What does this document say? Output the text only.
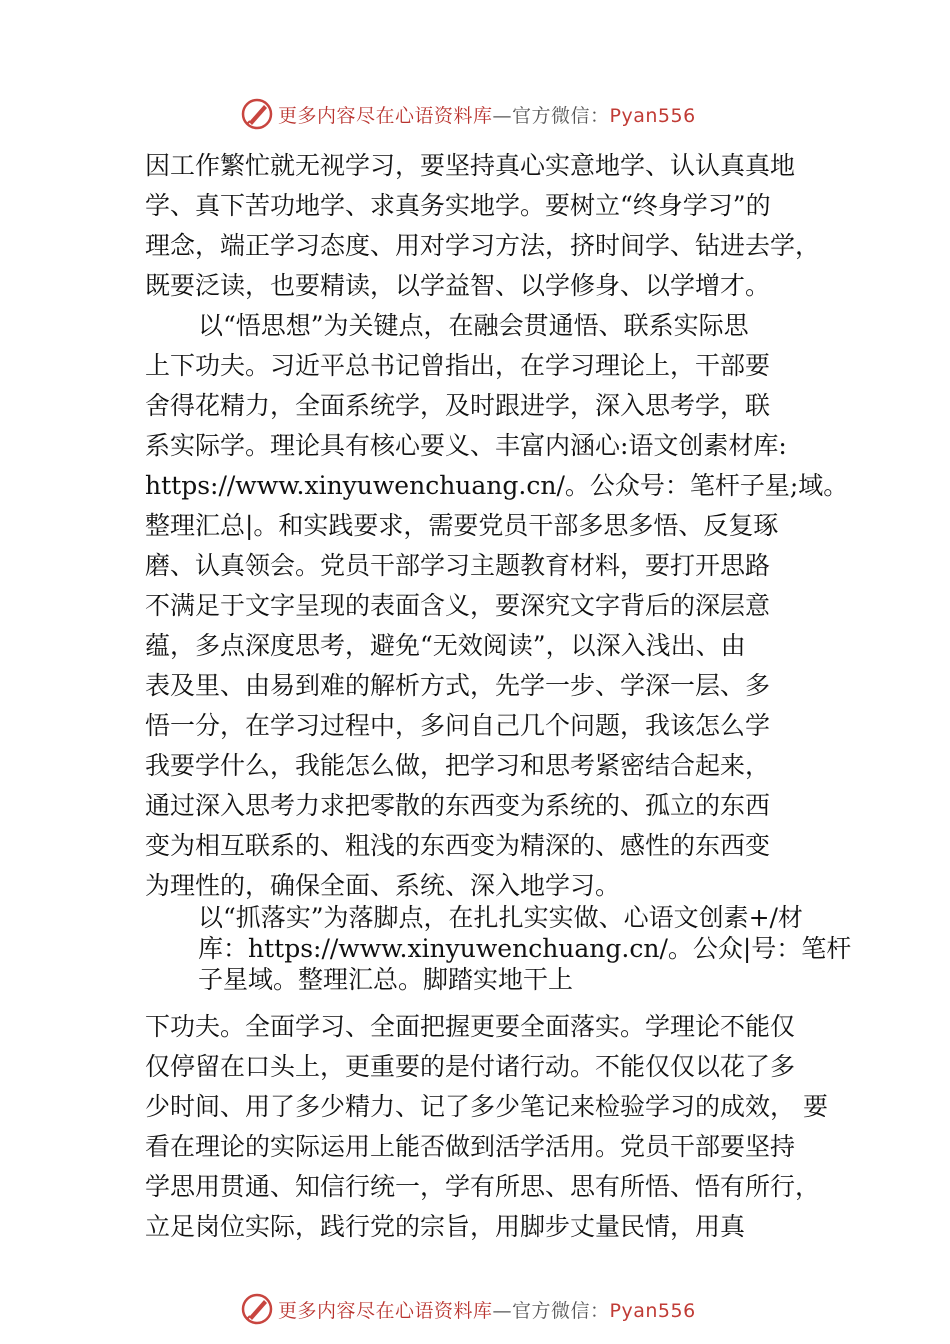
更多内容尽在心语资料库—官方微信：Pyan556
因工作繁忙就无视学习，要坚持真心实意地学、认认真真地
学、真下苦功地学、求真务实地学。要树立“终身学习”的
理念，端正学习态度、用对学习方法，挤时间学、钻进去学，
既要泛读，也要精读，以学益智、以学修身、以学增才。
以“悟思想”为关键点，在融会贯通悟、联系实际思
上下功夫。习近平总书记曾指出，在学习理论上，干部要
舍得花精力，全面系统学，及时跟进学，深入思考学，联
系实际学。理论具有核心要义、丰富内涵心:语文创素材库:
https://www.xinyuwenchuang.cn/。公众号：笔杆子星;域。
整理汇总|。和实践要求，需要党员干部多思多悟、反复琢
磨、认真领会。党员干部学习主题教育材料，要打开思路
不满足于文字呈现的表面含义，要深究文字背后的深层意
蕴，多点深度思考，避免“无效阅读”，以深入浅出、由
表及里、由易到难的解析方式，先学一步、学深一层、多
悟一分，在学习过程中，多问自己几个问题，我该怎么学
我要学什么，我能怎么做，把学习和思考紧密结合起来，
通过深入思考力求把零散的东西变为系统的、孤立的东西
变为相互联系的、粗浅的东西变为精深的、感性的东西变
为理性的，确保全面、系统、深入地学习。
以“抓落实”为落脚点，在扎扎实实做、心语文创素+/材
库：https://www.xinyuwenchuang.cn/。公众|号：笔杆
子星域。整理汇总。脚踏实地干上
下功夫。全面学习、全面把握更要全面落实。学理论不能仅
仅停留在口头上，更重要的是付诸行动。不能仅仅以花了多
少时间、用了多少精力、记了多少笔记来检验学习的成效， 要
看在理论的实际运用上能否做到活学活用。党员干部要坚持
学思用贯通、知信行统一，学有所思、思有所悟、悟有所行，
立足岗位实际，践行党的宗旨，用脚步丈量民情，用真
更多内容尽在心语资料库—官方微信：Pyan556
